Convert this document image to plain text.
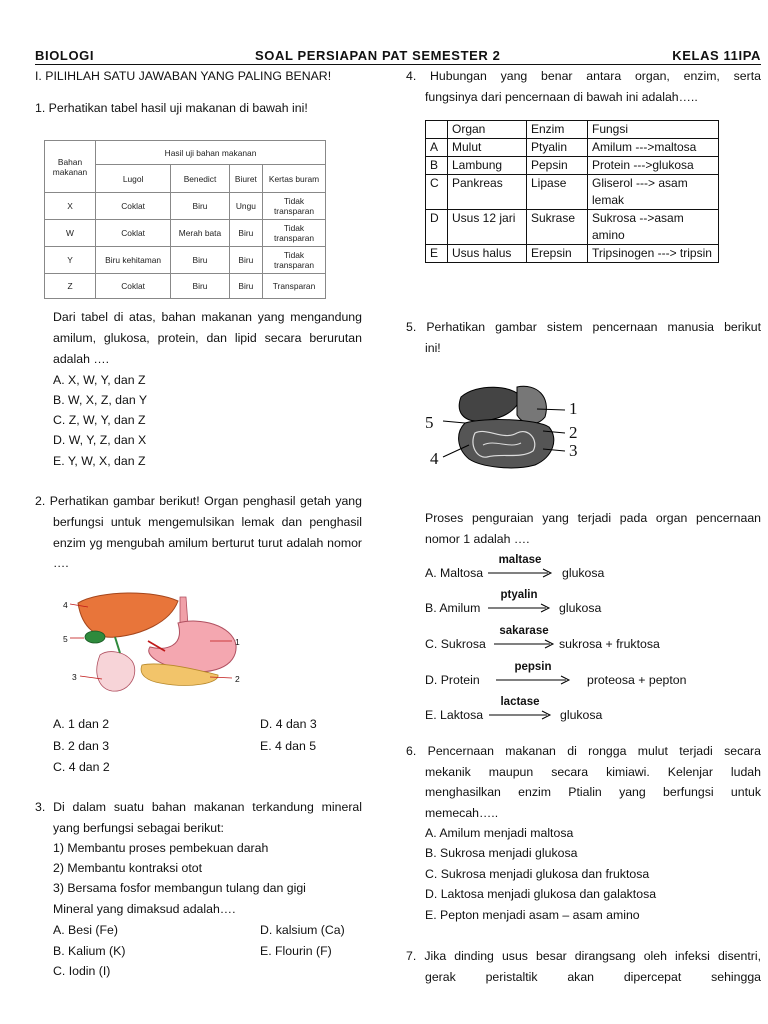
BIOLOGI	SOAL PERSIAPAN PAT SEMESTER 2	KELAS 11IPA
I. PILIHLAH SATU JAWABAN YANG PALING BENAR!
1. Perhatikan tabel hasil uji makanan di bawah ini!
Bahan makanan	Hasil uji bahan makanan			
	Lugol	Benedict	Biuret	Kertas buram
X	Coklat	Biru	Ungu	Tidak transparan
W	Coklat	Merah bata	Biru	Tidak transparan
Y	Biru kehitaman	Biru	Biru	Tidak transparan
Z	Coklat	Biru	Biru	Transparan
Dari tabel di atas, bahan makanan yang mengandung
amilum, glukosa, protein, dan lipid secara berurutan
adalah ….
A. X, W, Y, dan Z
B. W, X, Z, dan Y
C. Z, W, Y, dan Z
D. W, Y, Z, dan X
E. Y, W, X, dan Z
2. Perhatikan gambar berikut! Organ penghasil getah yang
berfungsi untuk mengemulsikan lemak dan penghasil
enzim yg mengubah amilum berturut turut adalah nomor
….
4
5
3
1
2
A. 1 dan 2
B. 2 dan 3
C. 4 dan 2
D. 4 dan 3
E. 4 dan 5
3. Di dalam suatu bahan makanan terkandung mineral
yang berfungsi sebagai berikut:
1) Membantu proses pembekuan darah
2) Membantu kontraksi otot
3) Bersama fosfor membangun tulang dan gigi
Mineral yang dimaksud adalah….
A. Besi (Fe)
B. Kalium (K)
C. Iodin (I)
D. kalsium (Ca)
E. Flourin (F)
4. Hubungan yang benar antara organ, enzim, serta
fungsinya dari pencernaan di bawah ini adalah…..
	Organ	Enzim	Fungsi
A	Mulut	Ptyalin	Amilum --->maltosa
B	Lambung	Pepsin	Protein --->glukosa
C	Pankreas	Lipase	Gliserol ---> asam lemak
D	Usus 12 jari	Sukrase	Sukrosa -->asam amino
E	Usus halus	Erepsin	Tripsinogen ---> tripsin
5. Perhatikan gambar sistem pencernaan manusia berikut
ini!
5
1
2
4	3
Proses penguraian yang terjadi pada organ pencernaan
nomor 1 adalah ….
A. Maltosa
maltase
glukosa
B. Amilum
ptyalin
glukosa
C. Sukrosa
sakarase
sukrosa + fruktosa
D. Protein
pepsin
proteosa + pepton
E. Laktosa
lactase
glukosa
6. Pencernaan makanan di rongga mulut terjadi secara
mekanik maupun secara kimiawi. Kelenjar ludah
menghasilkan enzim Ptialin yang berfungsi untuk
memecah…..
A. Amilum menjadi maltosa
B. Sukrosa menjadi glukosa
C. Sukrosa menjadi glukosa dan fruktosa
D. Laktosa menjadi glukosa dan galaktosa
E. Pepton menjadi asam – asam amino
7. Jika dinding usus besar dirangsang oleh infeksi disentri,
gerak peristaltik akan dipercepat sehingga
